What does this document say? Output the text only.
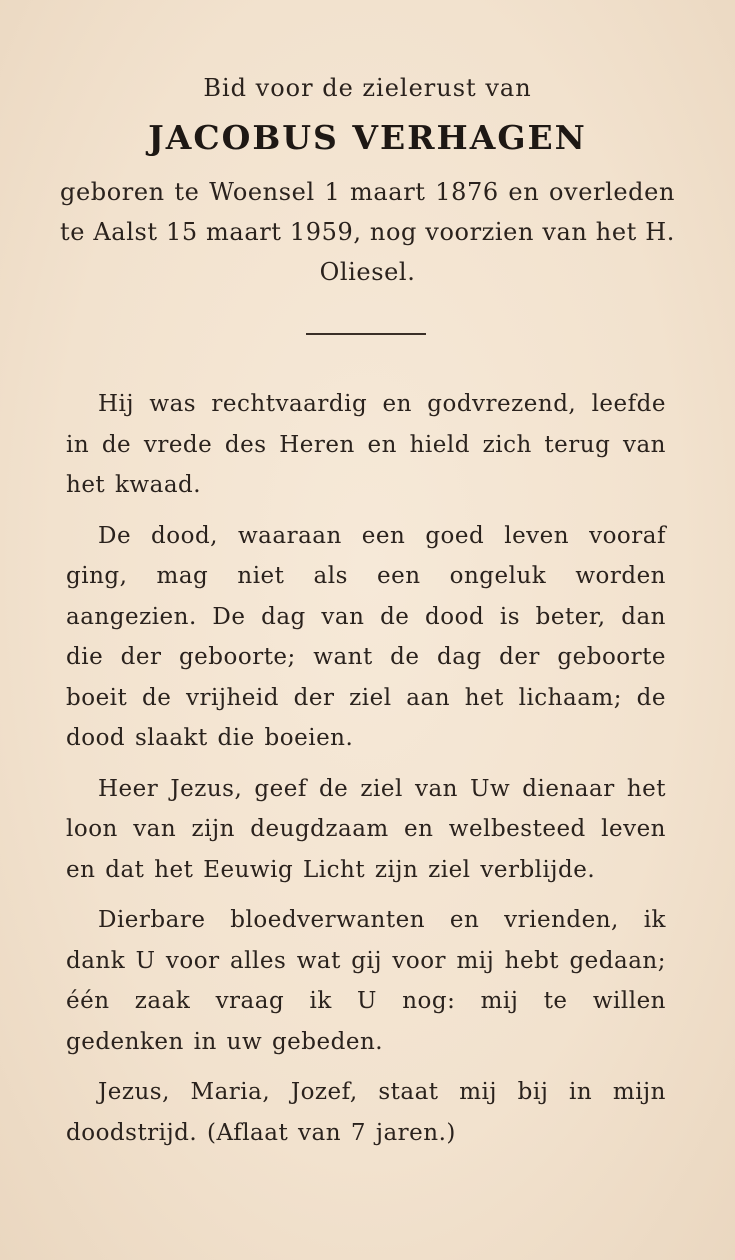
Bid voor de zielerust van

JACOBUS VERHAGEN

geboren te Woensel 1 maart 1876 en overleden te Aalst 15 maart 1959, nog voorzien van het H. Oliesel.

Hij was rechtvaardig en godvrezend, leefde in de vrede des Heren en hield zich terug van het kwaad.

De dood, waaraan een goed leven vooraf ging, mag niet als een ongeluk worden aangezien. De dag van de dood is beter, dan die der geboorte; want de dag der geboorte boeit de vrijheid der ziel aan het lichaam; de dood slaakt die boeien.

Heer Jezus, geef de ziel van Uw dienaar het loon van zijn deugdzaam en welbesteed leven en dat het Eeuwig Licht zijn ziel verblijde.

Dierbare bloedverwanten en vrienden, ik dank U voor alles wat gij voor mij hebt gedaan; één zaak vraag ik U nog: mij te willen gedenken in uw gebeden.

Jezus, Maria, Jozef, staat mij bij in mijn doodstrijd. (Aflaat van 7 jaren.)
